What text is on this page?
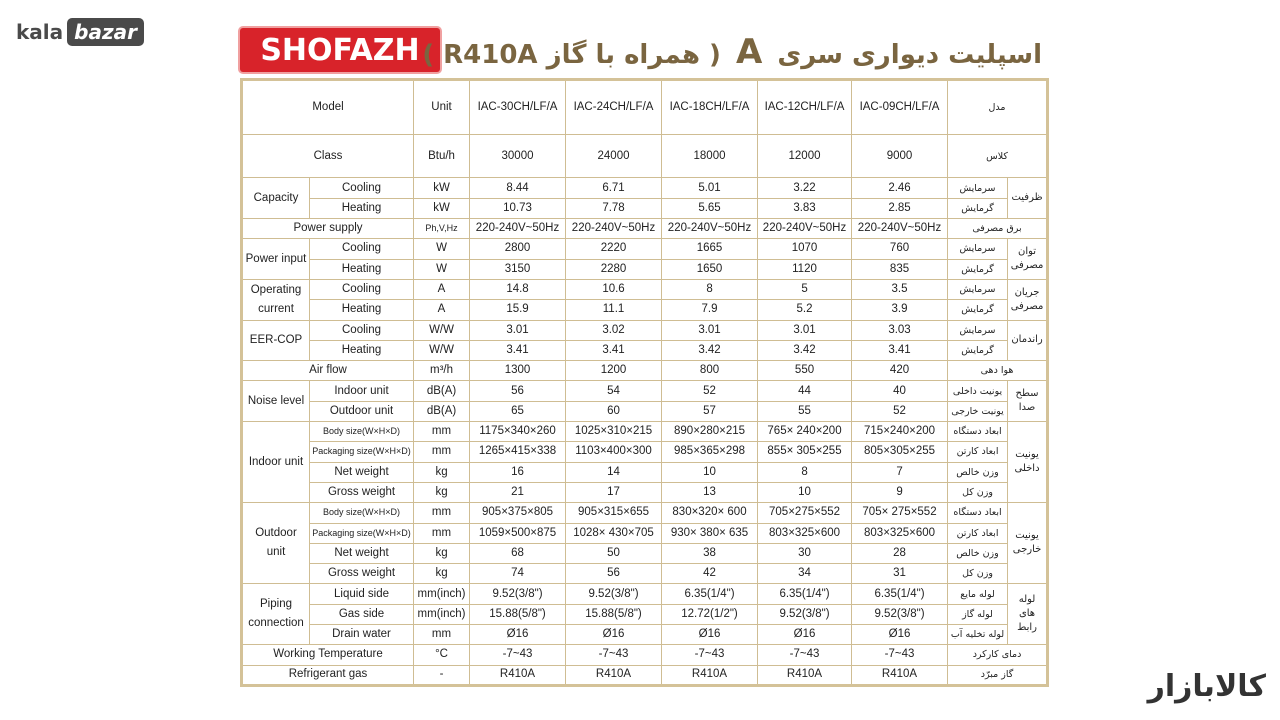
kala bazar
SHOFAZH	اسپلیت دیواری سری A ( همراه با گاز R410A )
Model		Unit	IAC-30CH/LF/A	IAC-24CH/LF/A	IAC-18CH/LF/A	IAC-12CH/LF/A	IAC-09CH/LF/A	مدل	
Class		Btu/h	30000	24000	18000	12000	9000	کلاس	
Capacity	Cooling	kW	8.44	6.71	5.01	3.22	2.46	سرمایش	ظرفیت
	Heating	kW	10.73	7.78	5.65	3.83	2.85	گرمایش	
Power supply		Ph,V,Hz	220-240V~50Hz	220-240V~50Hz	220-240V~50Hz	220-240V~50Hz	220-240V~50Hz	برق مصرفی	
Power input	Cooling	W	2800	2220	1665	1070	760	سرمایش	توان مصرفی
	Heating	W	3150	2280	1650	1120	835	گرمایش	
Operating current	Cooling	A	14.8	10.6	8	5	3.5	سرمایش	جریان مصرفی
	Heating	A	15.9	11.1	7.9	5.2	3.9	گرمایش	
EER-COP	Cooling	W/W	3.01	3.02	3.01	3.01	3.03	سرمایش	راندمان
	Heating	W/W	3.41	3.41	3.42	3.42	3.41	گرمایش	
Air flow		m³/h	1300	1200	800	550	420	هوا دهی	
Noise level	Indoor unit	dB(A)	56	54	52	44	40	یونیت داخلی	سطح صدا
	Outdoor unit	dB(A)	65	60	57	55	52	یونیت خارجی	
Indoor unit	Body size(W×H×D)	mm	1175×340×260	1025×310×215	890×280×215	765× 240×200	715×240×200	ابعاد دستگاه	یونیت داخلی
	Packaging size(W×H×D)	mm	1265×415×338	1103×400×300	985×365×298	855× 305×255	805×305×255	ابعاد کارتن	
	Net weight	kg	16	14	10	8	7	وزن خالص	
	Gross weight	kg	21	17	13	10	9	وزن کل	
Outdoor unit	Body size(W×H×D)	mm	905×375×805	905×315×655	830×320× 600	705×275×552	705× 275×552	ابعاد دستگاه	یونیت خارجی
	Packaging size(W×H×D)	mm	1059×500×875	1028× 430×705	930× 380× 635	803×325×600	803×325×600	ابعاد کارتن	
	Net weight	kg	68	50	38	30	28	وزن خالص	
	Gross weight	kg	74	56	42	34	31	وزن کل	
Piping connection	Liquid side	mm(inch)	9.52(3/8")	9.52(3/8")	6.35(1/4")	6.35(1/4")	6.35(1/4")	لوله مایع	لوله های رابط
	Gas side	mm(inch)	15.88(5/8")	15.88(5/8")	12.72(1/2")	9.52(3/8")	9.52(3/8")	لوله گاز	
	Drain water	mm	Ø16	Ø16	Ø16	Ø16	Ø16	لوله تخلیه آب	
Working Temperature		°C	-7~43	-7~43	-7~43	-7~43	-7~43	دمای کارکرد	
Refrigerant gas		-	R410A	R410A	R410A	R410A	R410A	گاز مبرّد		کالابازار
